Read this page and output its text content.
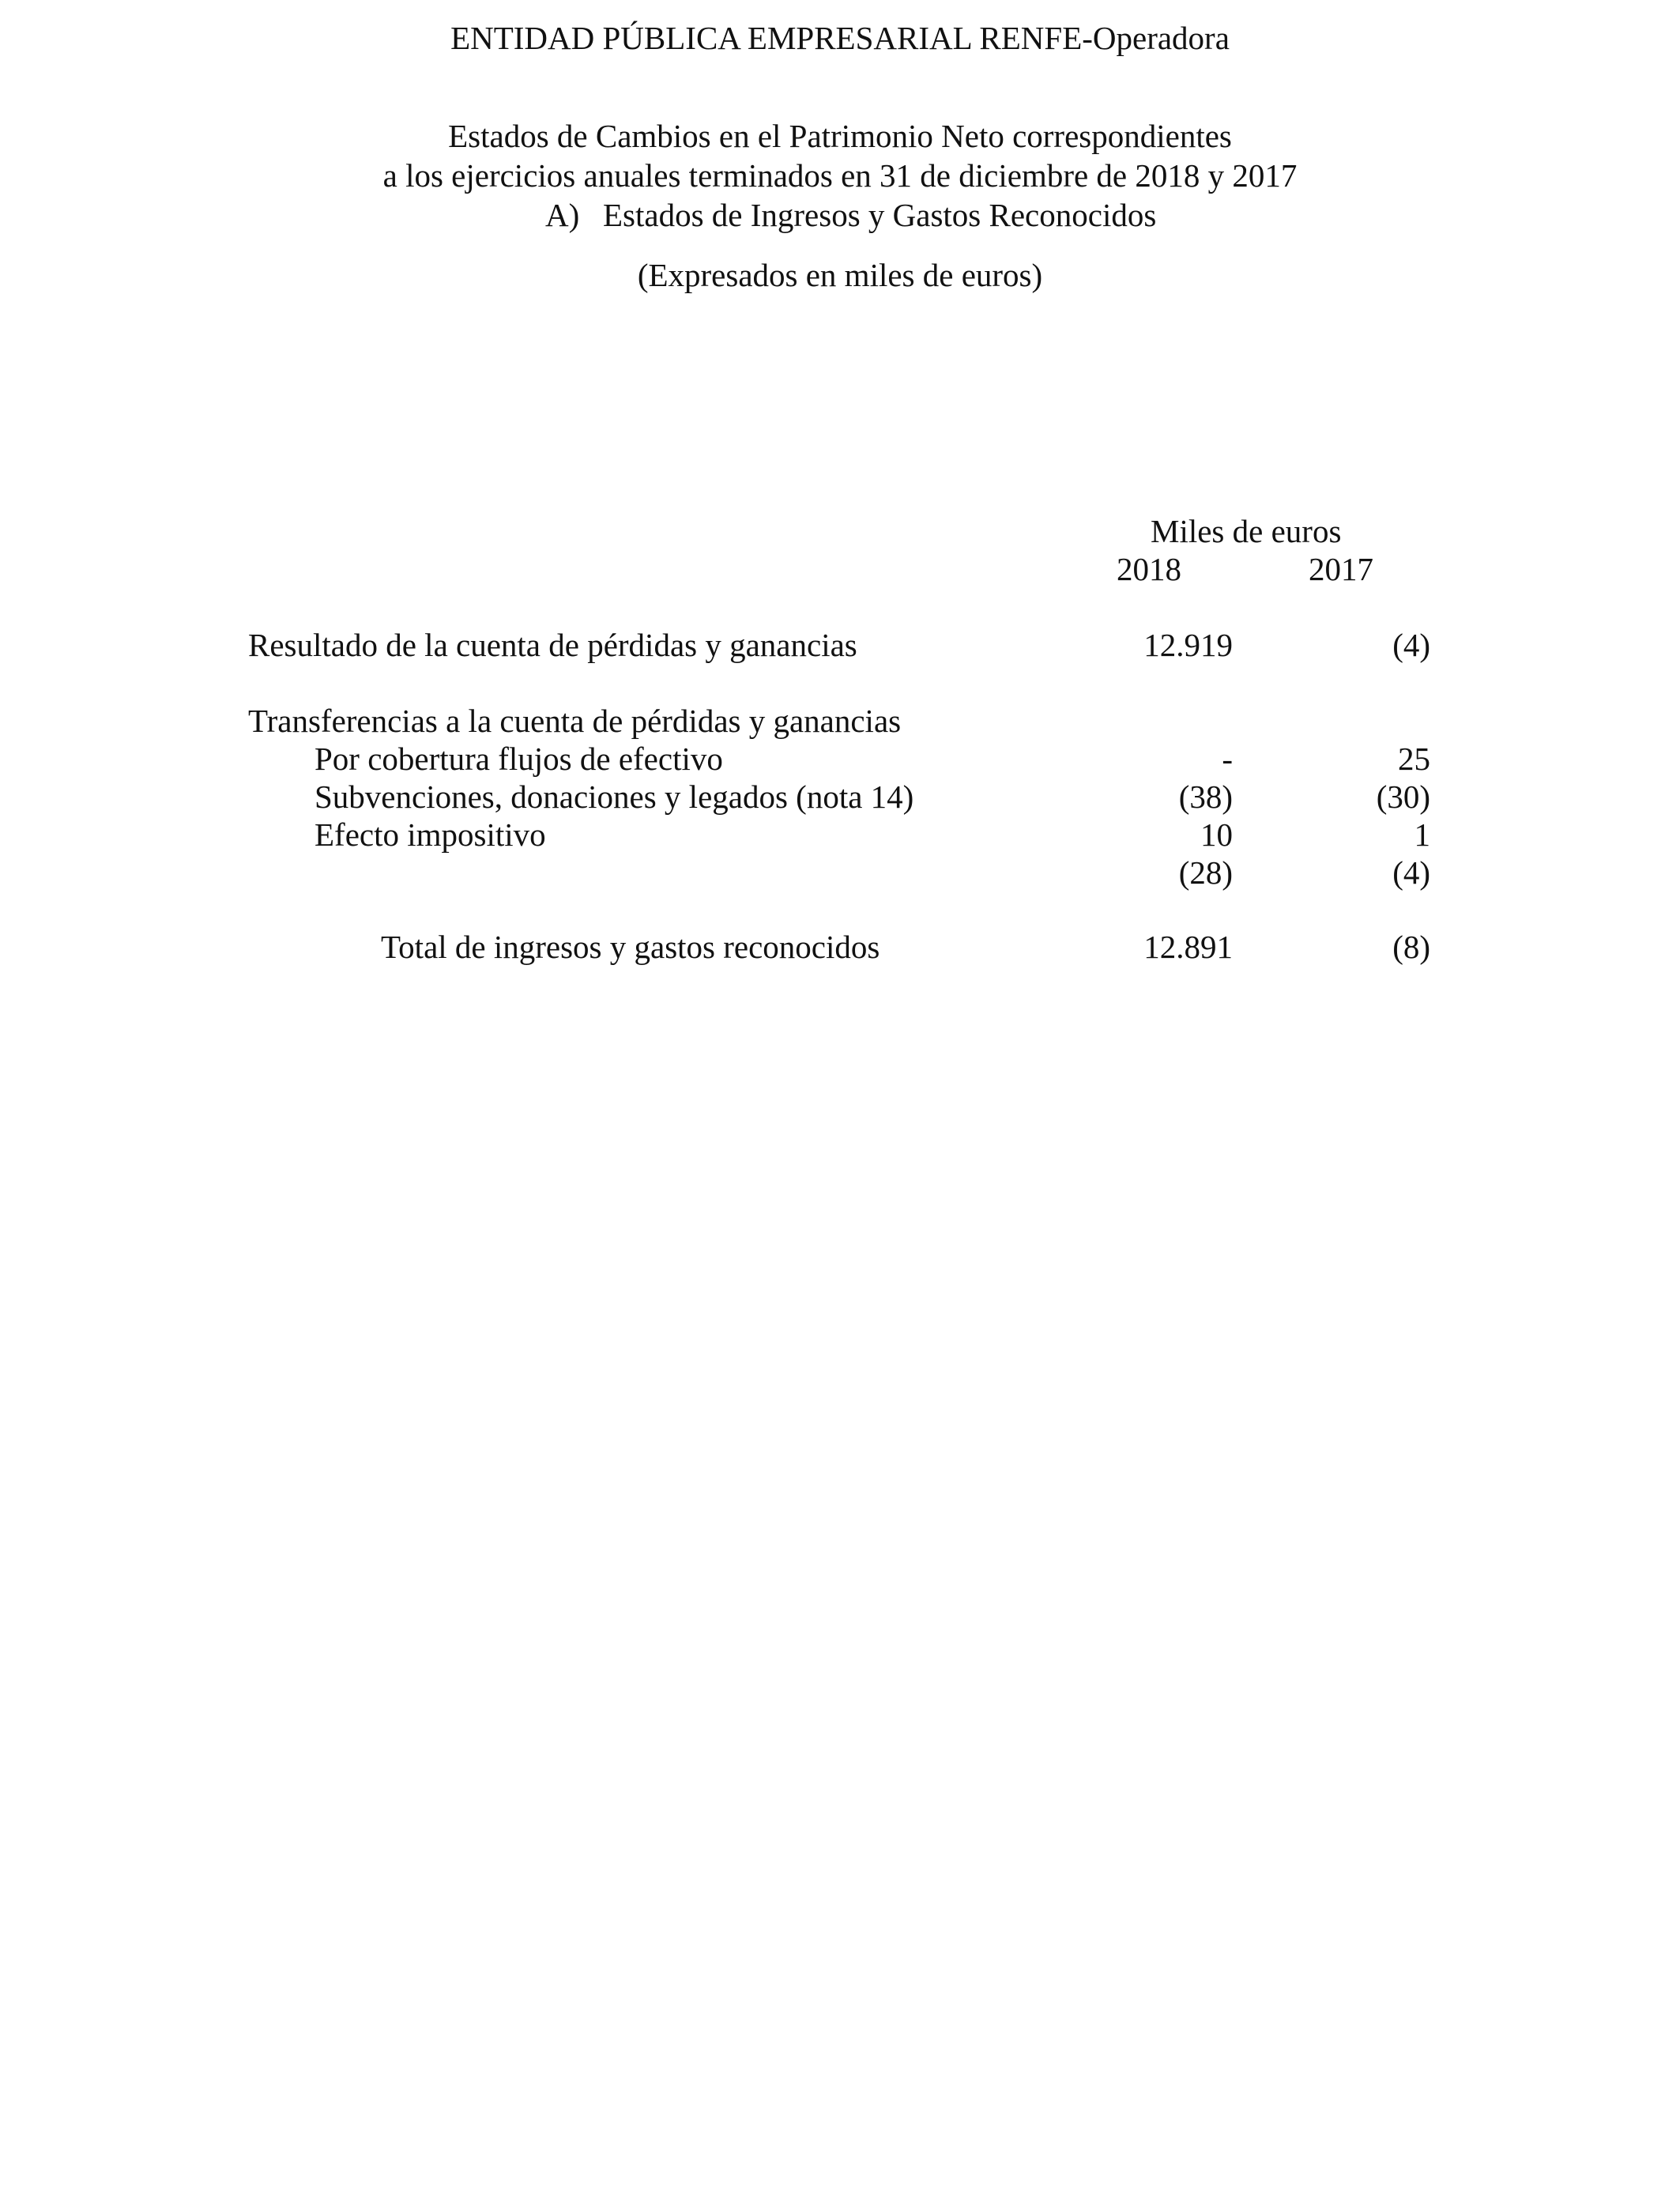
ENTIDAD PÚBLICA EMPRESARIAL RENFE-Operadora
Estados de Cambios en el Patrimonio Neto correspondientes
a los ejercicios anuales terminados en 31 de diciembre de 2018 y 2017
A) Estados de Ingresos y Gastos Reconocidos
(Expresados en miles de euros)
Miles de euros
2018	2017
Resultado de la cuenta de pérdidas y ganancias	12.919	(4)
Transferencias a la cuenta de pérdidas y ganancias
Por cobertura flujos de efectivo	-	25
Subvenciones, donaciones y legados (nota 14)	(38)	(30)
Efecto impositivo	10	1
(28)	(4)
Total de ingresos y gastos reconocidos	12.891	(8)
